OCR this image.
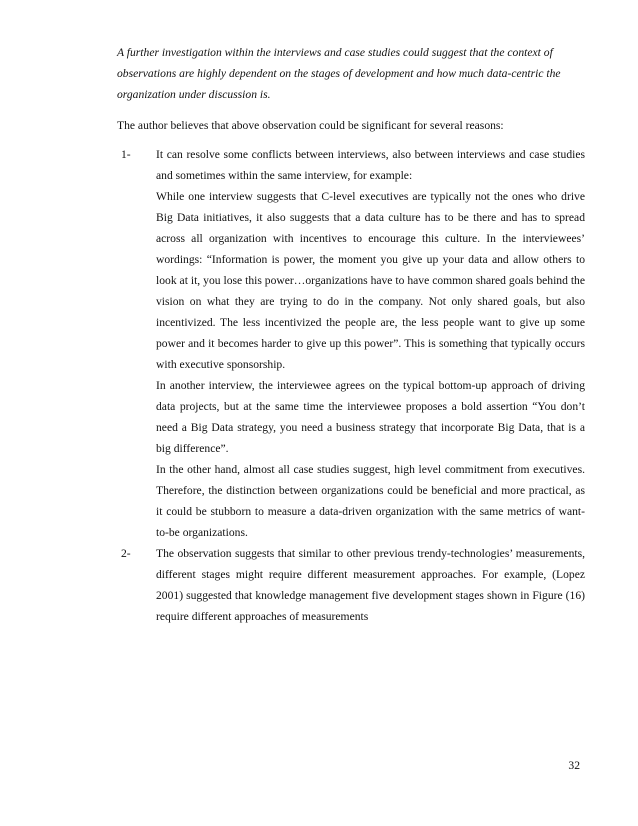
A further investigation within the interviews and case studies could suggest that the context of observations are highly dependent on the stages of development and how much data-centric the organization under discussion is.

The author believes that above observation could be significant for several reasons:

1- It can resolve some conflicts between interviews, also between interviews and case studies and sometimes within the same interview, for example:
While one interview suggests that C-level executives are typically not the ones who drive Big Data initiatives, it also suggests that a data culture has to be there and has to spread across all organization with incentives to encourage this culture. In the interviewees’ wordings: “Information is power, the moment you give up your data and allow others to look at it, you lose this power…organizations have to have common shared goals behind the vision on what they are trying to do in the company. Not only shared goals, but also incentivized. The less incentivized the people are, the less people want to give up some power and it becomes harder to give up this power”. This is something that typically occurs with executive sponsorship.
In another interview, the interviewee agrees on the typical bottom-up approach of driving data projects, but at the same time the interviewee proposes a bold assertion “You don’t need a Big Data strategy, you need a business strategy that incorporate Big Data, that is a big difference”.
In the other hand, almost all case studies suggest, high level commitment from executives. Therefore, the distinction between organizations could be beneficial and more practical, as it could be stubborn to measure a data-driven organization with the same metrics of want-to-be organizations.
2- The observation suggests that similar to other previous trendy-technologies’ measurements, different stages might require different measurement approaches. For example, (Lopez 2001) suggested that knowledge management five development stages shown in Figure (16) require different approaches of measurements
32
